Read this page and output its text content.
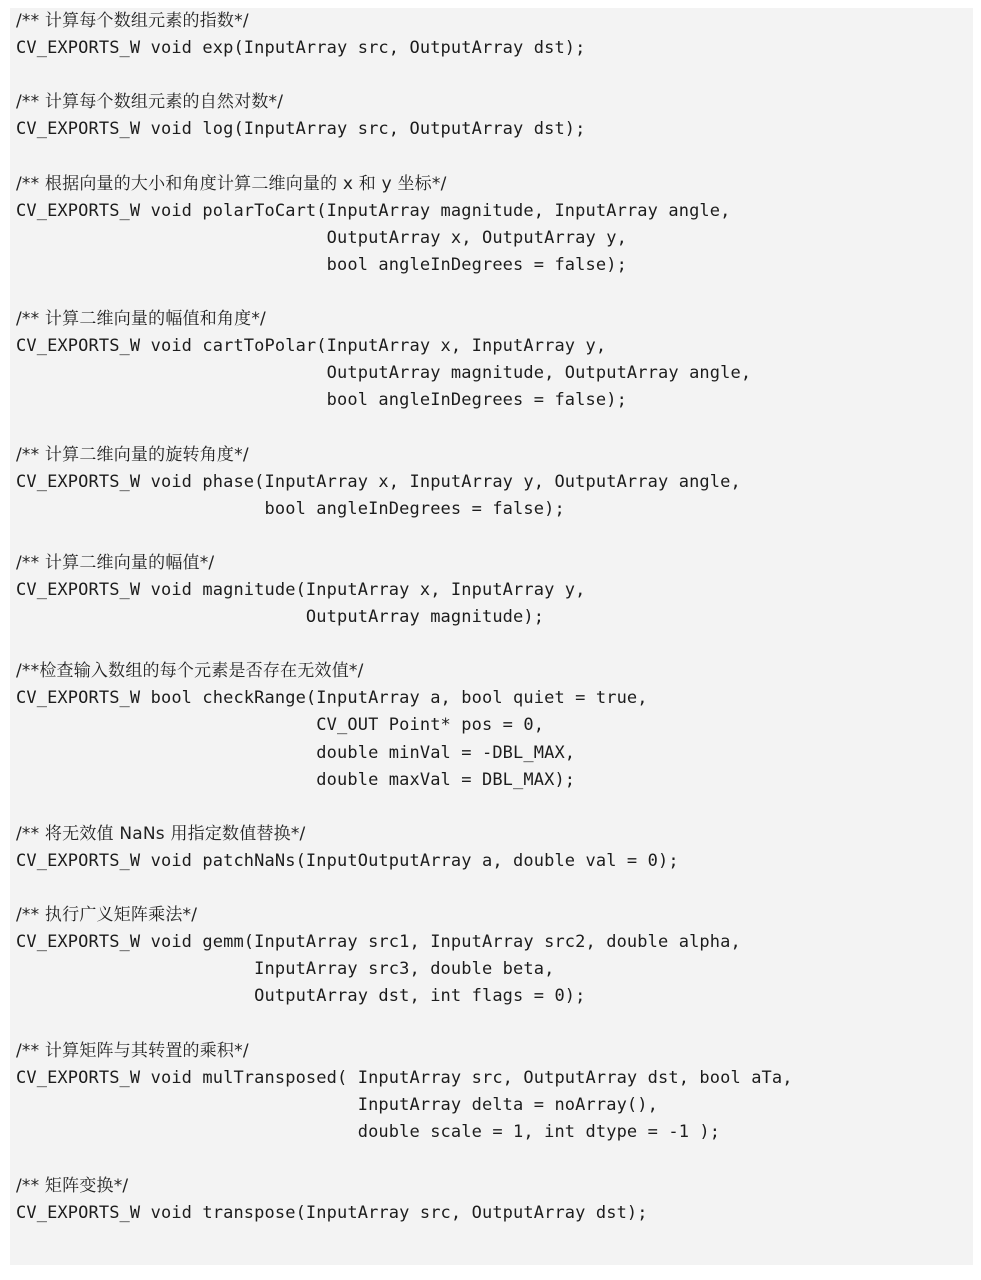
/** 计算每个数组元素的指数*/
CV_EXPORTS_W void exp(InputArray src, OutputArray dst);
/** 计算每个数组元素的自然对数*/
CV_EXPORTS_W void log(InputArray src, OutputArray dst);
/** 根据向量的大小和角度计算二维向量的 x 和 y 坐标*/
CV_EXPORTS_W void polarToCart(InputArray magnitude, InputArray angle,
OutputArray x, OutputArray y,
bool angleInDegrees = false);
/** 计算二维向量的幅值和角度*/
CV_EXPORTS_W void cartToPolar(InputArray x, InputArray y,
OutputArray magnitude, OutputArray angle,
bool angleInDegrees = false);
/** 计算二维向量的旋转角度*/
CV_EXPORTS_W void phase(InputArray x, InputArray y, OutputArray angle,
bool angleInDegrees = false);
/** 计算二维向量的幅值*/
CV_EXPORTS_W void magnitude(InputArray x, InputArray y,
OutputArray magnitude);
/**检查输入数组的每个元素是否存在无效值*/
CV_EXPORTS_W bool checkRange(InputArray a, bool quiet = true,
CV_OUT Point* pos = 0,
double minVal = -DBL_MAX,
double maxVal = DBL_MAX);
/** 将无效值 NaNs 用指定数值替换*/
CV_EXPORTS_W void patchNaNs(InputOutputArray a, double val = 0);
/** 执行广义矩阵乘法*/
CV_EXPORTS_W void gemm(InputArray src1, InputArray src2, double alpha,
InputArray src3, double beta,
OutputArray dst, int flags = 0);
/** 计算矩阵与其转置的乘积*/
CV_EXPORTS_W void mulTransposed( InputArray src, OutputArray dst, bool aTa,
InputArray delta = noArray(),
double scale = 1, int dtype = -1 );
/** 矩阵变换*/
CV_EXPORTS_W void transpose(InputArray src, OutputArray dst);
